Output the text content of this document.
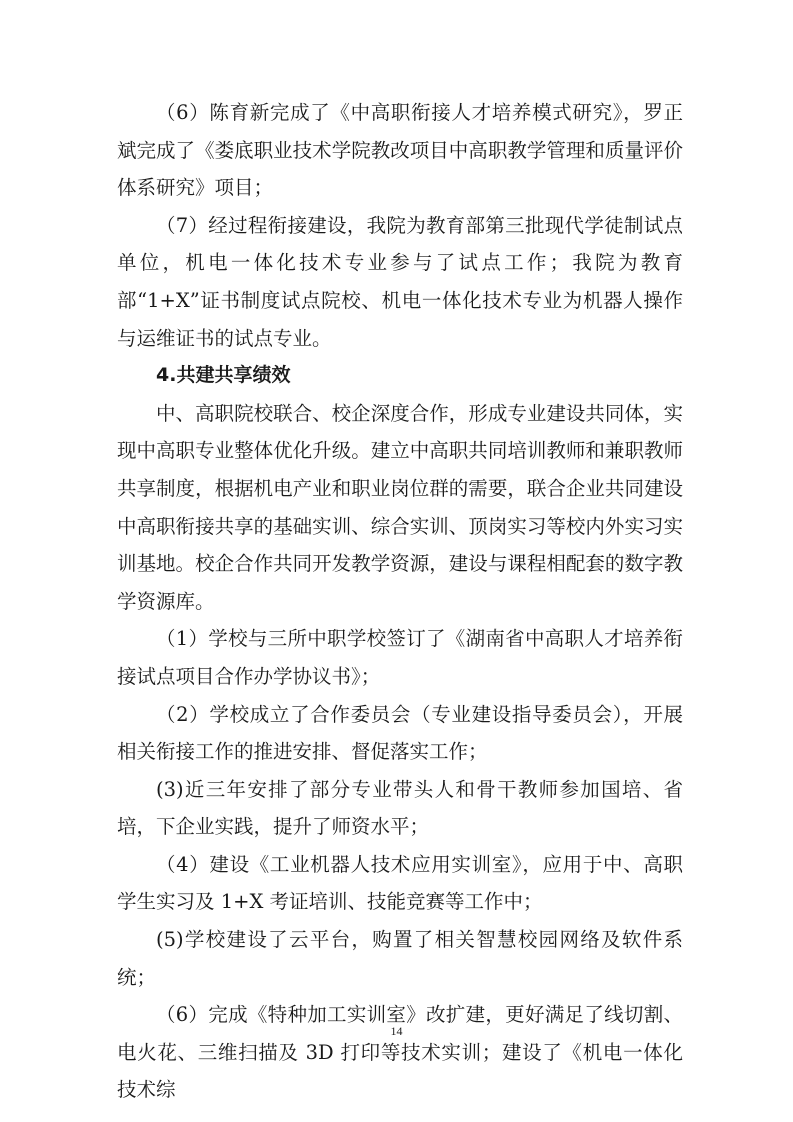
（6）陈育新完成了《中高职衔接人才培养模式研究》，罗正斌完成了《娄底职业技术学院教改项目中高职教学管理和质量评价体系研究》项目；

（7）经过程衔接建设，我院为教育部第三批现代学徒制试点单位，机电一体化技术专业参与了试点工作；我院为教育部“1+X”证书制度试点院校、机电一体化技术专业为机器人操作与运维证书的试点专业。

4.共建共享绩效

中、高职院校联合、校企深度合作，形成专业建设共同体，实现中高职专业整体优化升级。建立中高职共同培训教师和兼职教师共享制度，根据机电产业和职业岗位群的需要，联合企业共同建设中高职衔接共享的基础实训、综合实训、顶岗实习等校内外实习实训基地。校企合作共同开发教学资源，建设与课程相配套的数字教学资源库。

（1）学校与三所中职学校签订了《湖南省中高职人才培养衔接试点项目合作办学协议书》；

（2）学校成立了合作委员会（专业建设指导委员会），开展相关衔接工作的推进安排、督促落实工作；

(3)近三年安排了部分专业带头人和骨干教师参加国培、省培，下企业实践，提升了师资水平；

（4）建设《工业机器人技术应用实训室》，应用于中、高职学生实习及 1+X 考证培训、技能竞赛等工作中；

(5)学校建设了云平台，购置了相关智慧校园网络及软件系统；

（6）完成《特种加工实训室》改扩建，更好满足了线切割、电火花、三维扫描及 3D 打印等技术实训；建设了《机电一体化技术综

14
